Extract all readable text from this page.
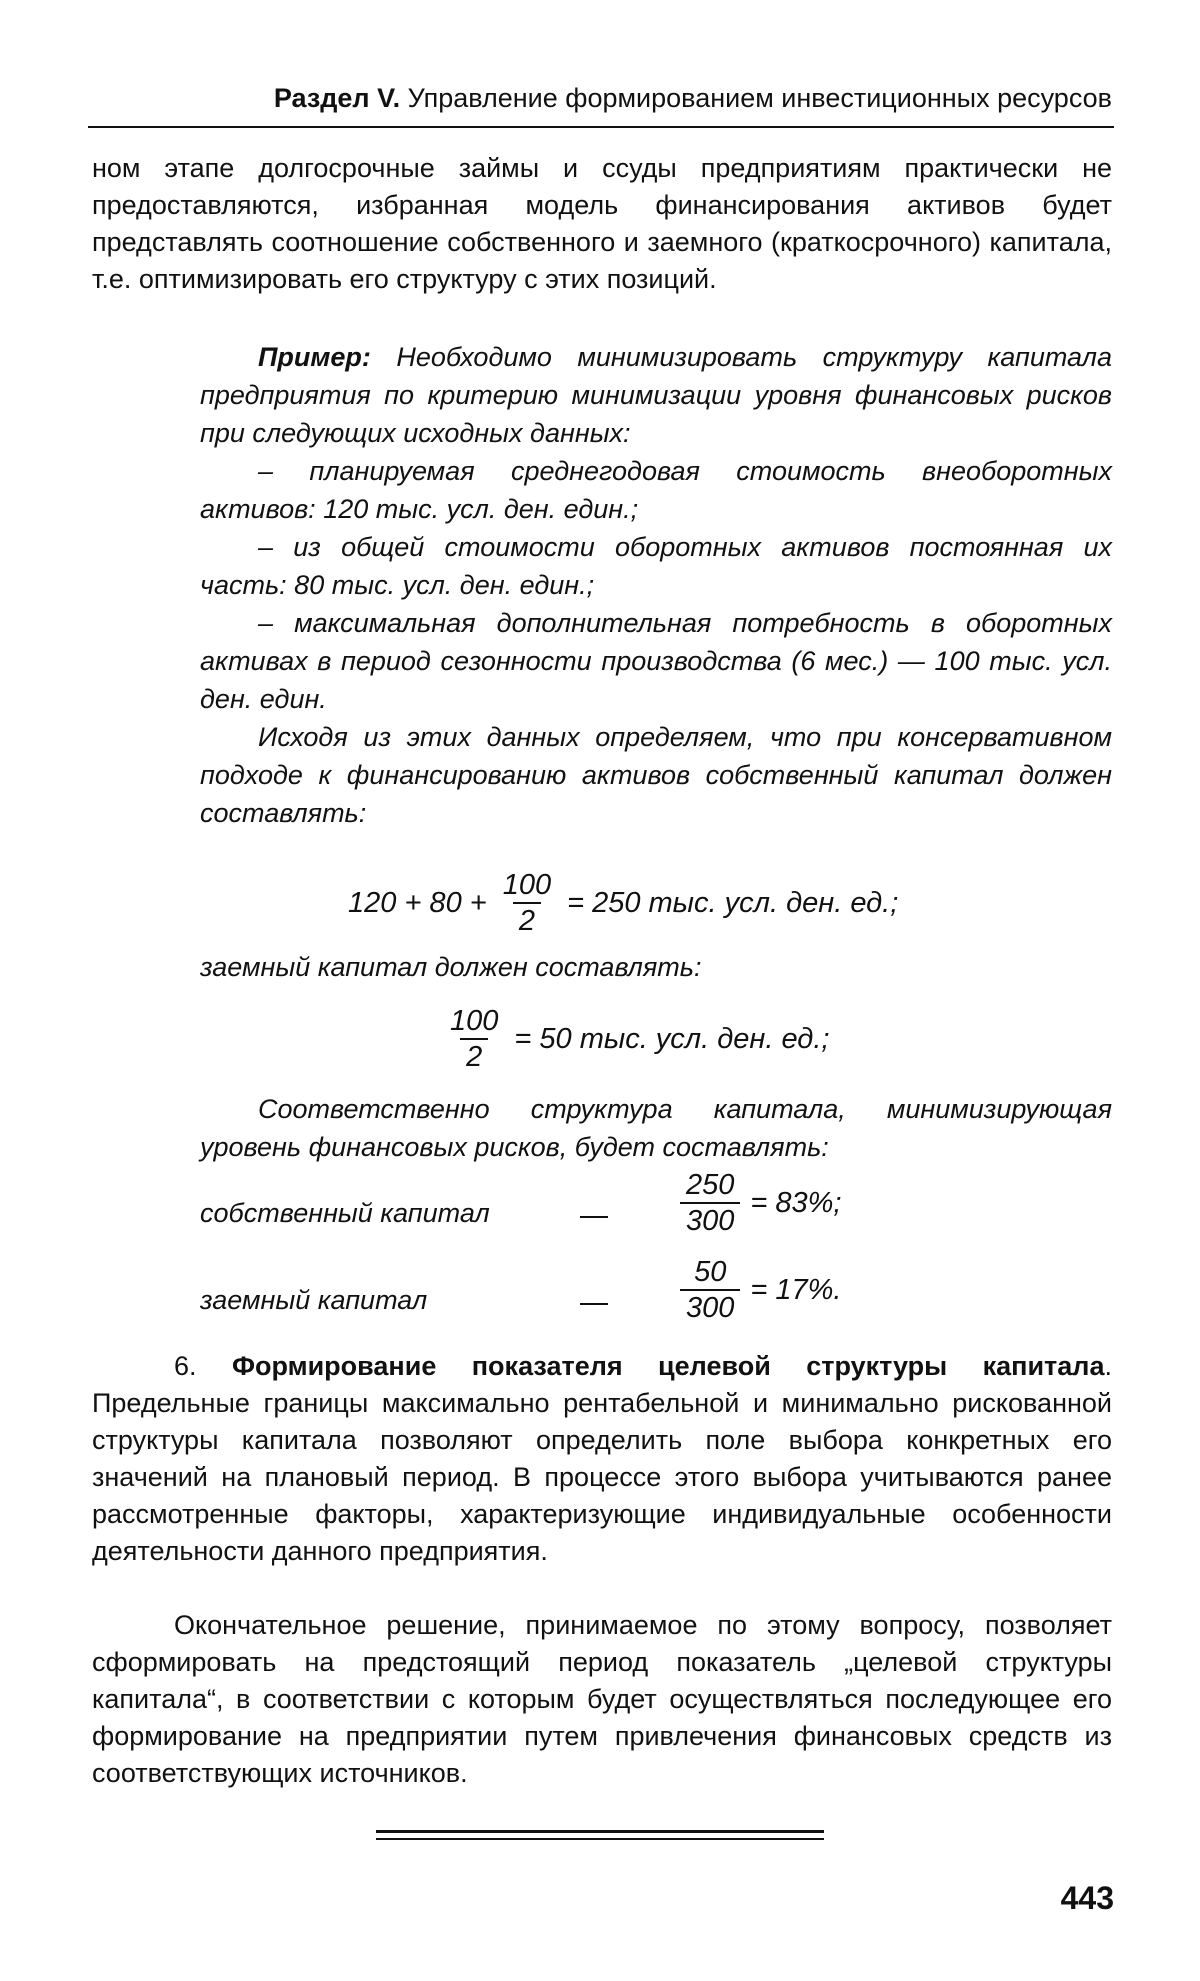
Раздел V. Управление формированием инвестиционных ресурсов

ном этапе долгосрочные займы и ссуды предприятиям практически не предоставляются, избранная модель финансирования активов будет представлять соотношение собственного и заемного (краткосрочного) капитала, т.е. оптимизировать его структуру с этих позиций.

Пример: Необходимо минимизировать структуру капитала предприятия по критерию минимизации уровня финансовых рисков при следующих исходных данных:

– планируемая среднегодовая стоимость внеоборотных активов: 120 тыс. усл. ден. един.;

– из общей стоимости оборотных активов постоянная их часть: 80 тыс. усл. ден. един.;

– максимальная дополнительная потребность в оборотных активах в период сезонности производства (6 мес.) — 100 тыс. усл. ден. един.

Исходя из этих данных определяем, что при консервативном подходе к финансированию активов собственный капитал должен составлять:

$120 + 80 + \frac{100}{2} = 250$ тыс. усл. ден. ед.;
заемный капитал должен составлять:
$\frac{100}{2} = 50$ тыс. усл. ден. ед.;

Соответственно структура капитала, минимизирующая уровень финансовых рисков, будет составлять:

собственный капитал	$\frac{250}{300} = 83\%$;
заемный капитал	$\frac{50}{300} = 17\%$.

6. Формирование показателя целевой структуры капитала. Предельные границы максимально рентабельной и минимально рискованной структуры капитала позволяют определить поле выбора конкретных его значений на плановый период. В процессе этого выбора учитываются ранее рассмотренные факторы, характеризующие индивидуальные особенности деятельности данного предприятия.

Окончательное решение, принимаемое по этому вопросу, позволяет сформировать на предстоящий период показатель „целевой структуры капитала“, в соответствии с которым будет осуществляться последующее его формирование на предприятии путем привлечения финансовых средств из соответствующих источников.

443
